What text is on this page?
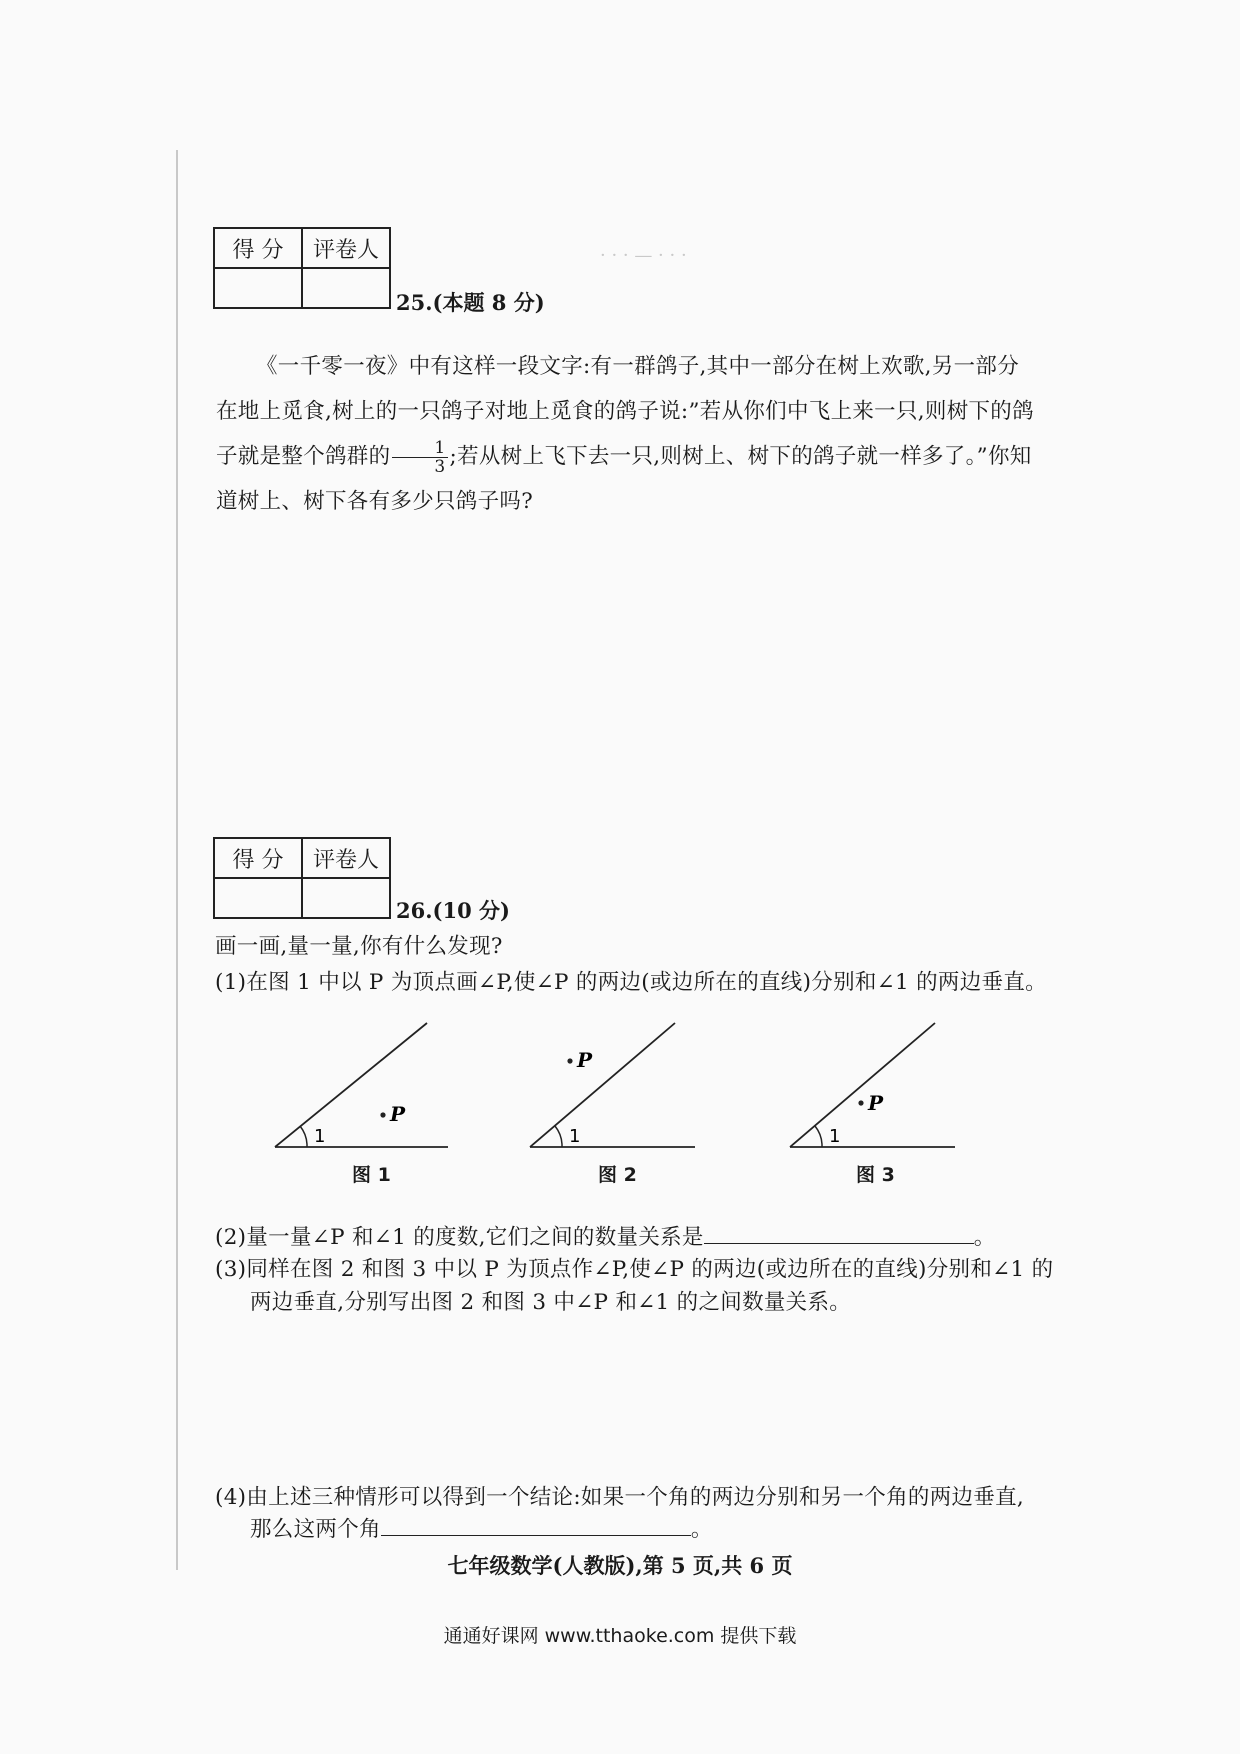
· · · — · · ·
得 分	评卷人

25.(本题 8 分)
《一千零一夜》中有这样一段文字:有一群鸽子,其中一部分在树上欢歌,另一部分在地上觅食,树上的一只鸽子对地上觅食的鸽子说:”若从你们中飞上来一只,则树下的鸽子就是整个鸽群的 $\frac{1}{3}$ ;若从树上飞下去一只,则树上、树下的鸽子就一样多了。”你知道树上、树下各有多少只鸽子吗?
得 分	评卷人

26.(10 分)
画一画,量一量,你有什么发现?
(1)在图 1 中以 P 为顶点画∠P,使∠P 的两边(或边所在的直线)分别和∠1 的两边垂直。
1
P
图 1
1
P
图 2
1
P
图 3
(2)量一量∠P 和∠1 的度数,它们之间的数量关系是	。
(3)同样在图 2 和图 3 中以 P 为顶点作∠P,使∠P 的两边(或边所在的直线)分别和∠1 的
两边垂直,分别写出图 2 和图 3 中∠P 和∠1 的之间数量关系。
(4)由上述三种情形可以得到一个结论:如果一个角的两边分别和另一个角的两边垂直,
那么这两个角	。
七年级数学(人教版),第 5 页,共 6 页
通通好课网 www.tthaoke.com 提供下载
